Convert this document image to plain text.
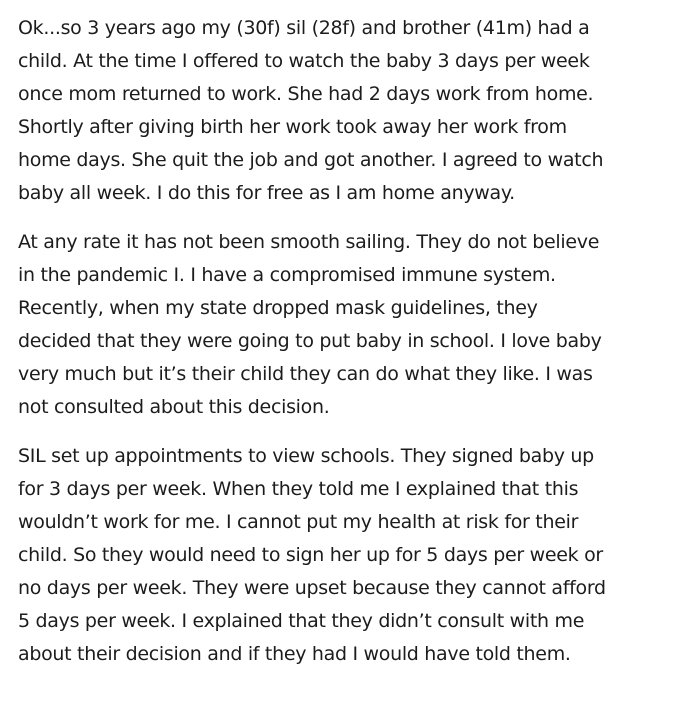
Ok...so 3 years ago my (30f) sil (28f) and brother (41m) had a
child. At the time I offered to watch the baby 3 days per week
once mom returned to work. She had 2 days work from home.
Shortly after giving birth her work took away her work from
home days. She quit the job and got another. I agreed to watch
baby all week. I do this for free as I am home anyway.
At any rate it has not been smooth sailing. They do not believe
in the pandemic I. I have a compromised immune system.
Recently, when my state dropped mask guidelines, they
decided that they were going to put baby in school. I love baby
very much but it’s their child they can do what they like. I was
not consulted about this decision.
SIL set up appointments to view schools. They signed baby up
for 3 days per week. When they told me I explained that this
wouldn’t work for me. I cannot put my health at risk for their
child. So they would need to sign her up for 5 days per week or
no days per week. They were upset because they cannot afford
5 days per week. I explained that they didn’t consult with me
about their decision and if they had I would have told them.
